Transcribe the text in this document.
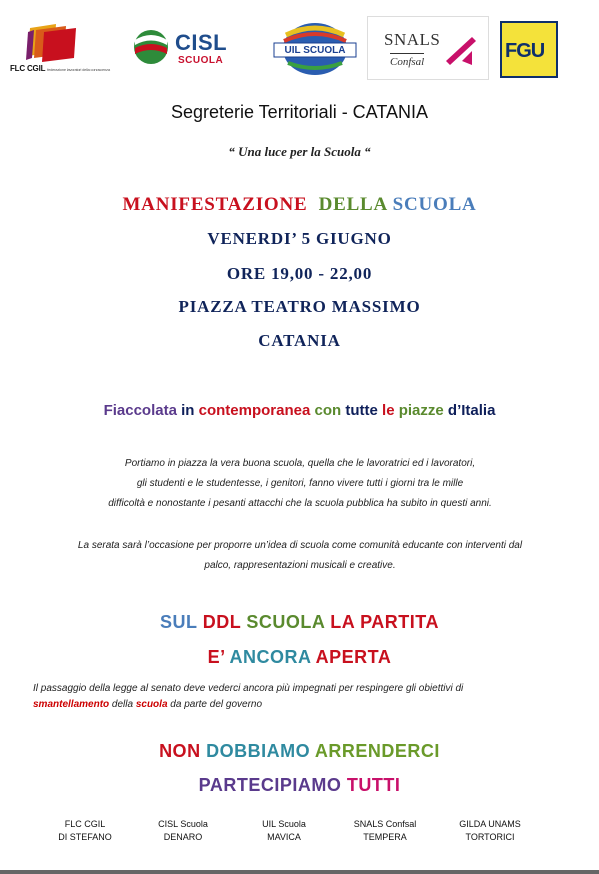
FLC CGIL federazione lavoratori della conoscenza
CISL
SCUOLA
UIL SCUOLA
SNALS
Confsal	FGU
Segreterie Territoriali - CATANIA
“ Una luce per la Scuola “
MANIFESTAZIONE DELLA SCUOLA
VENERDI’ 5 GIUGNO
ORE 19,00 - 22,00
PIAZZA TEATRO MASSIMO
CATANIA
Fiaccolata in contemporanea con tutte le piazze d’Italia
Portiamo in piazza la vera buona scuola, quella che le lavoratrici ed i lavoratori,
gli studenti e le studentesse, i genitori, fanno vivere tutti i giorni tra le mille
difficoltà e nonostante i pesanti attacchi che la scuola pubblica ha subito in questi anni.
La serata sarà l’occasione per proporre un’idea di scuola come comunità educante con interventi dal
palco, rappresentazioni musicali e creative.
SUL DDL SCUOLA LA PARTITA
E’ ANCORA APERTA
Il passaggio della legge al senato deve vederci ancora più impegnati per respingere gli obiettivi di
smantellamento della scuola da parte del governo
NON DOBBIAMO ARRENDERCI
PARTECIPIAMO TUTTI
FLC CGIL
DI STEFANO
CISL Scuola
DENARO
UIL Scuola
MAVICA
SNALS Confsal
TEMPERA
GILDA UNAMS
TORTORICI
